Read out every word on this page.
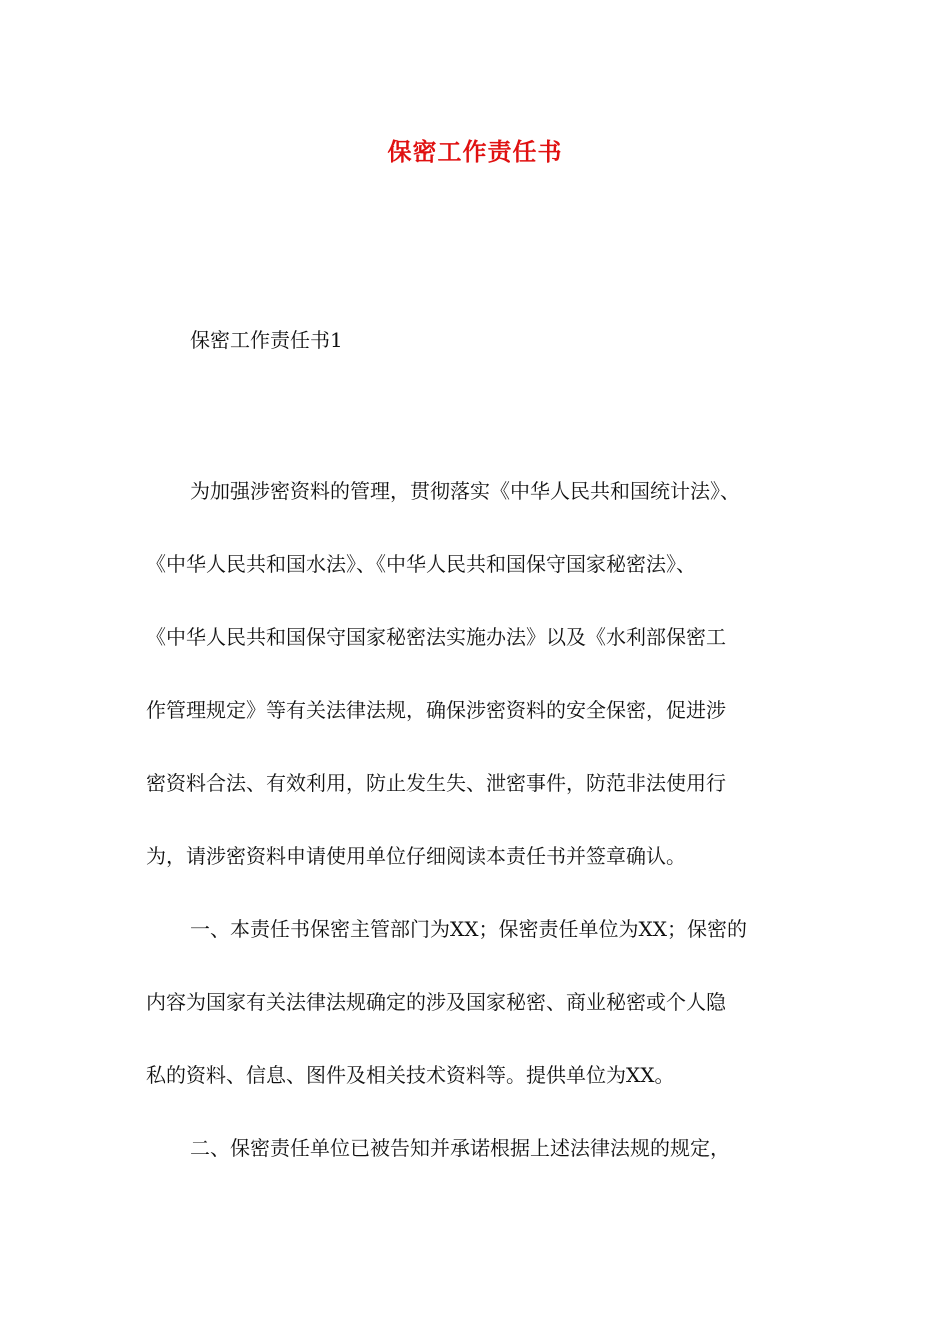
保密工作责任书
保密工作责任书1
为加强涉密资料的管理，贯彻落实《中华人民共和国统计法》、
《中华人民共和国水法》、《中华人民共和国保守国家秘密法》、
《中华人民共和国保守国家秘密法实施办法》以及《水利部保密工
作管理规定》等有关法律法规，确保涉密资料的安全保密，促进涉
密资料合法、有效利用，防止发生失、泄密事件，防范非法使用行
为，请涉密资料申请使用单位仔细阅读本责任书并签章确认。
一、本责任书保密主管部门为XX；保密责任单位为XX；保密的
内容为国家有关法律法规确定的涉及国家秘密、商业秘密或个人隐
私的资料、信息、图件及相关技术资料等。提供单位为XX。
二、保密责任单位已被告知并承诺根据上述法律法规的规定，
